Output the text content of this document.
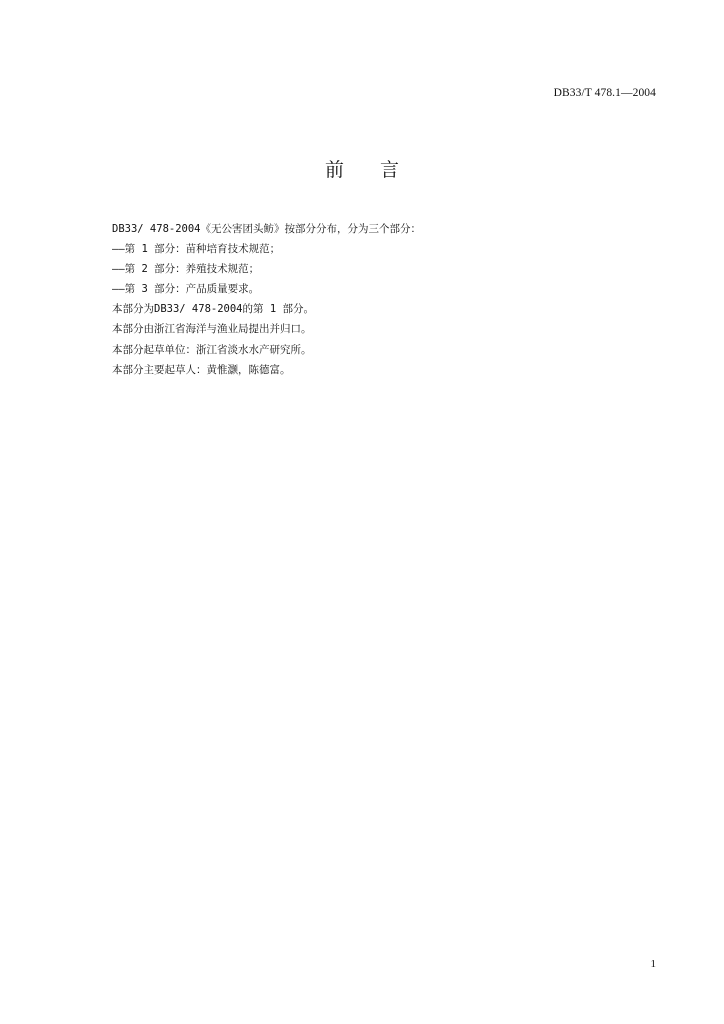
DB33/T 478.1—2004
前言
DB33/ 478-2004《无公害团头鲂》按部分分布，分为三个部分：
——第 1 部分：苗种培育技术规范；
——第 2 部分：养殖技术规范；
——第 3 部分：产品质量要求。
本部分为DB33/ 478-2004的第 1 部分。
本部分由浙江省海洋与渔业局提出并归口。
本部分起草单位：浙江省淡水水产研究所。
本部分主要起草人：黄惟灏，陈德富。
1
